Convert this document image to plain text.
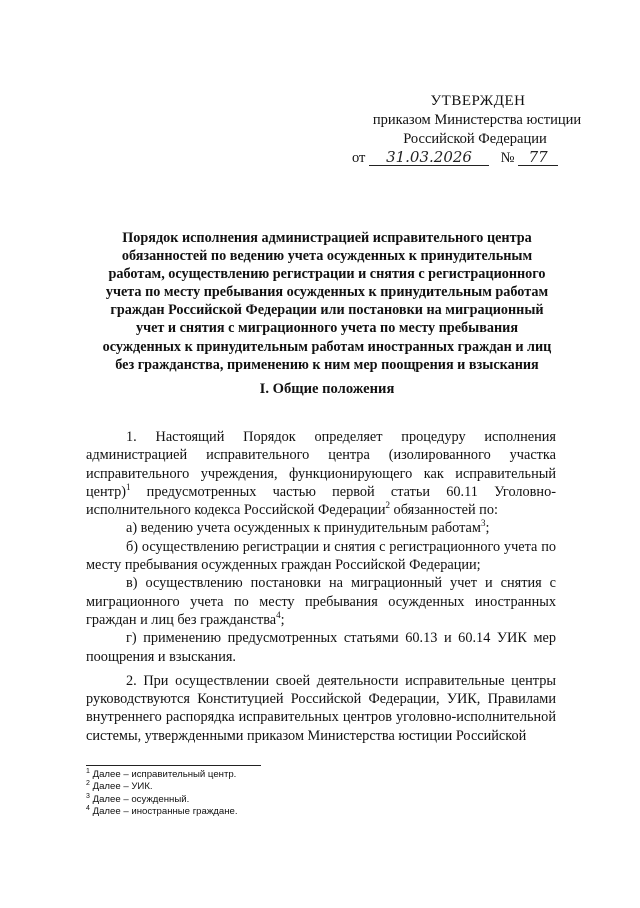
УТВЕРЖДЕН
приказом Министерства юстиции
Российской Федерации
от 31.03.2026 № 77
Порядок исполнения администрацией исправительного центра
обязанностей по ведению учета осужденных к принудительным
работам, осуществлению регистрации и снятия с регистрационного
учета по месту пребывания осужденных к принудительным работам
граждан Российской Федерации или постановки на миграционный
учет и снятия с миграционного учета по месту пребывания
осужденных к принудительным работам иностранных граждан и лиц
без гражданства, применению к ним мер поощрения и взыскания
I. Общие положения

1. Настоящий Порядок определяет процедуру исполнения администрацией исправительного центра (изолированного участка исправительного учреждения, функционирующего как исправительный центр)$^1$ предусмотренных частью первой статьи 60.11 Уголовно-исполнительного кодекса Российской Федерации$^2$ обязанностей по:

а) ведению учета осужденных к принудительным работам$^3$;

б) осуществлению регистрации и снятия с регистрационного учета по месту пребывания осужденных граждан Российской Федерации;

в) осуществлению постановки на миграционный учет и снятия с миграционного учета по месту пребывания осужденных иностранных граждан и лиц без гражданства$^4$;

г) применению предусмотренных статьями 60.13 и 60.14 УИК мер поощрения и взыскания.

2. При осуществлении своей деятельности исправительные центры руководствуются Конституцией Российской Федерации, УИК, Правилами внутреннего распорядка исправительных центров уголовно-исполнительной системы, утвержденными приказом Министерства юстиции Российской

$^1$ Далее – исправительный центр.
$^2$ Далее – УИК.
$^3$ Далее – осужденный.
$^4$ Далее – иностранные граждане.
